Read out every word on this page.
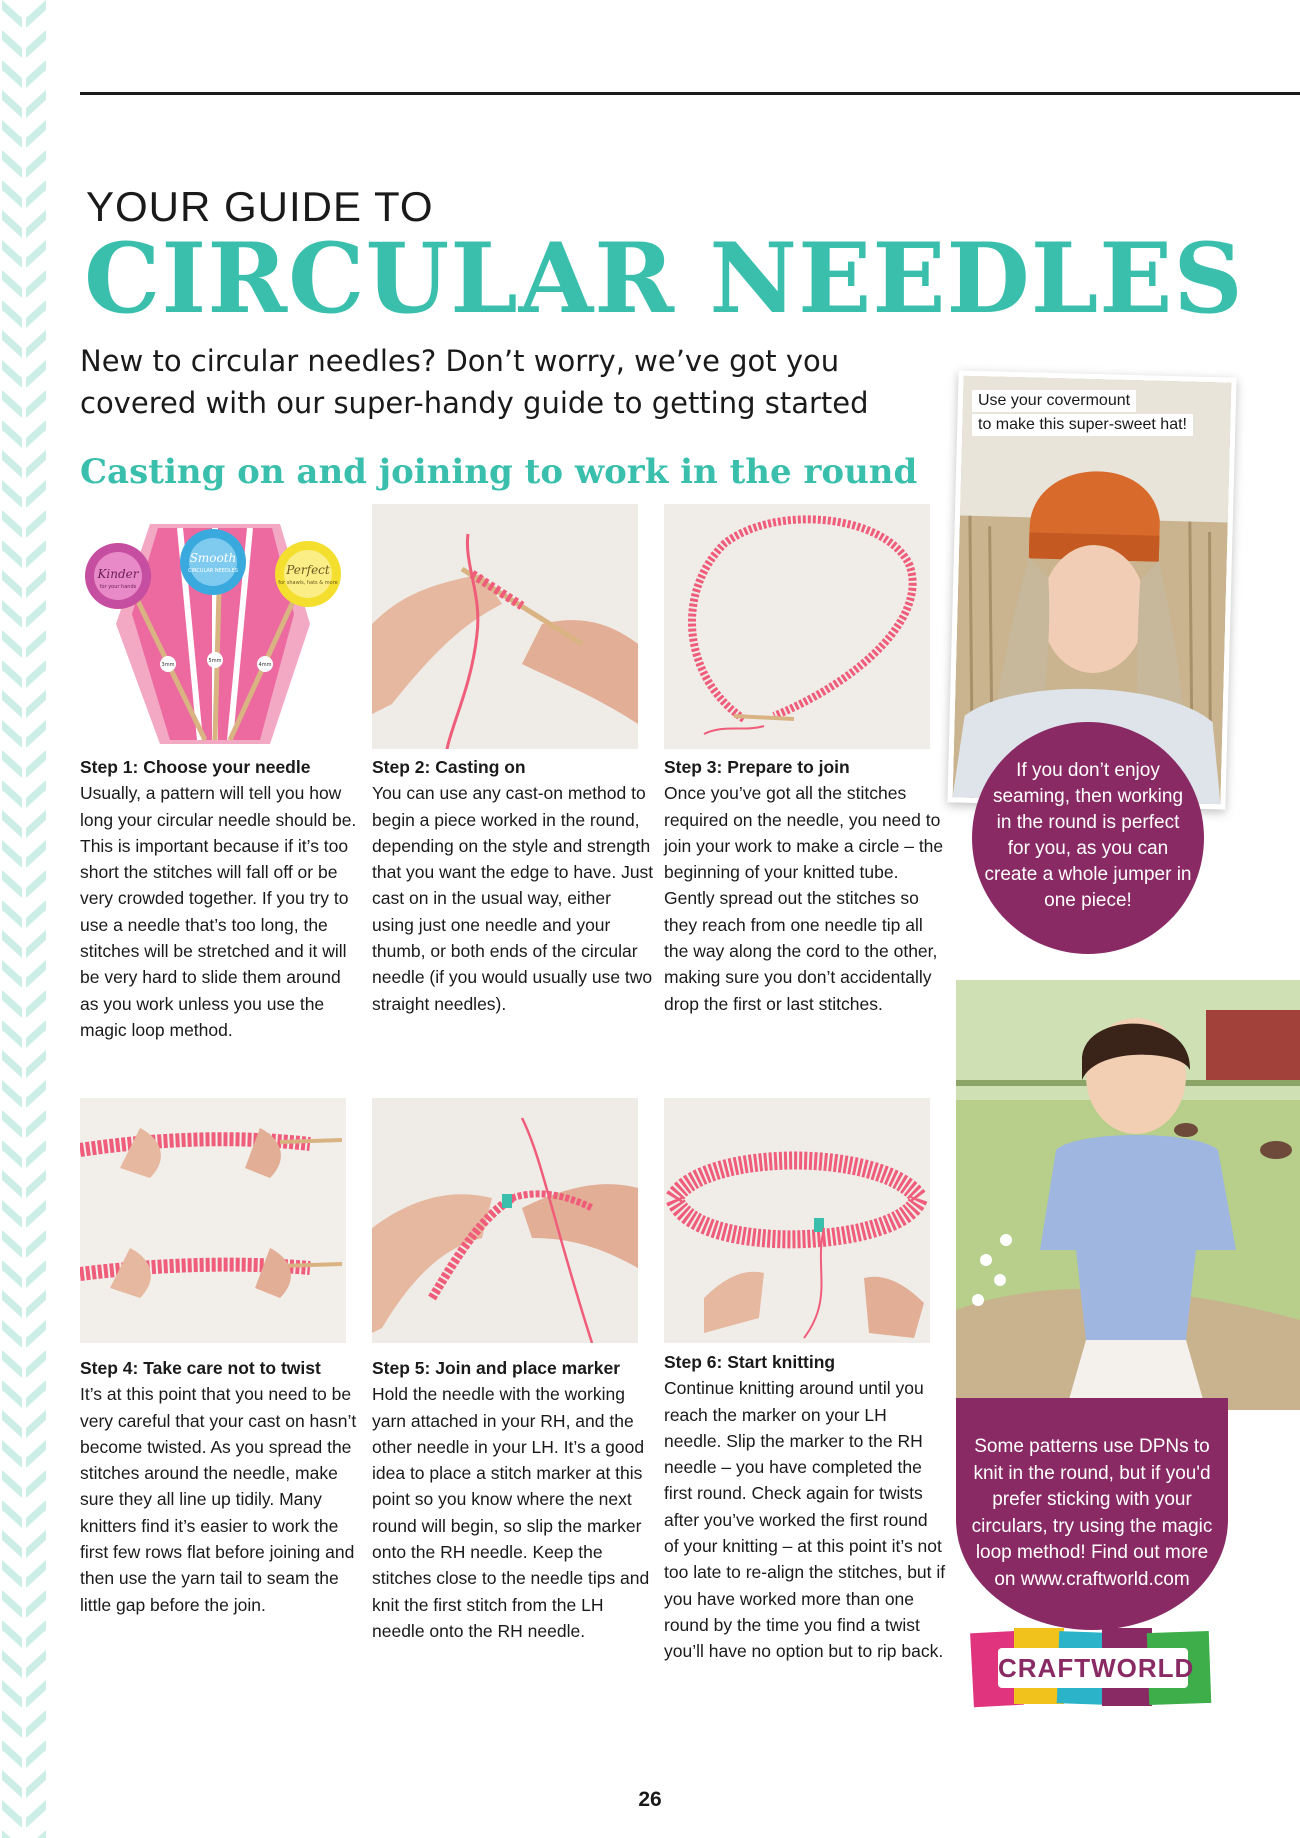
YOUR GUIDE TO
CIRCULAR NEEDLES
New to circular needles? Don’t worry, we’ve got you covered with our super-handy guide to getting started
Casting on and joining to work in the round
Kinder
for your hands
Smooth
CIRCULAR NEEDLES	Perfect
for shawls, hats & more
3mm
5mm
4mm
Step 1: Choose your needle
Usually, a pattern will tell you how long your circular needle should be. This is important because if it’s too short the stitches will fall off or be very crowded together. If you try to use a needle that’s too long, the stitches will be stretched and it will be very hard to slide them around as you work unless you use the magic loop method.
Step 2: Casting on
You can use any cast-on method to begin a piece worked in the round, depending on the style and strength that you want the edge to have. Just cast on in the usual way, either using just one needle and your thumb, or both ends of the circular needle (if you would usually use two straight needles).
Step 3: Prepare to join
Once you’ve got all the stitches required on the needle, you need to join your work to make a circle – the beginning of your knitted tube. Gently spread out the stitches so they reach from one needle tip all the way along the cord to the other, making sure you don’t accidentally drop the first or last stitches.
Step 4: Take care not to twist
It’s at this point that you need to be very careful that your cast on hasn’t become twisted. As you spread the stitches around the needle, make sure they all line up tidily. Many knitters find it’s easier to work the first few rows flat before joining and then use the yarn tail to seam the little gap before the join.
Step 5: Join and place marker
Hold the needle with the working yarn attached in your RH, and the other needle in your LH. It’s a good idea to place a stitch marker at this point so you know where the next round will begin, so slip the marker onto the RH needle. Keep the stitches close to the needle tips and knit the first stitch from the LH needle onto the RH needle.
Step 6: Start knitting
Continue knitting around until you reach the marker on your LH needle. Slip the marker to the RH needle – you have completed the first round. Check again for twists after you’ve worked the first round of your knitting – at this point it’s not too late to re-align the stitches, but if you have worked more than one round by the time you find a twist you’ll have no option but to rip back.
Use your covermount
to make this super-sweet hat!
If you don’t enjoy seaming, then working in the round is perfect for you, as you can create a whole jumper in one piece!
Some patterns use DPNs to knit in the round, but if you'd prefer sticking with your circulars, try using the magic loop method! Find out more on www.craftworld.com
CRAFTWORLD
26
